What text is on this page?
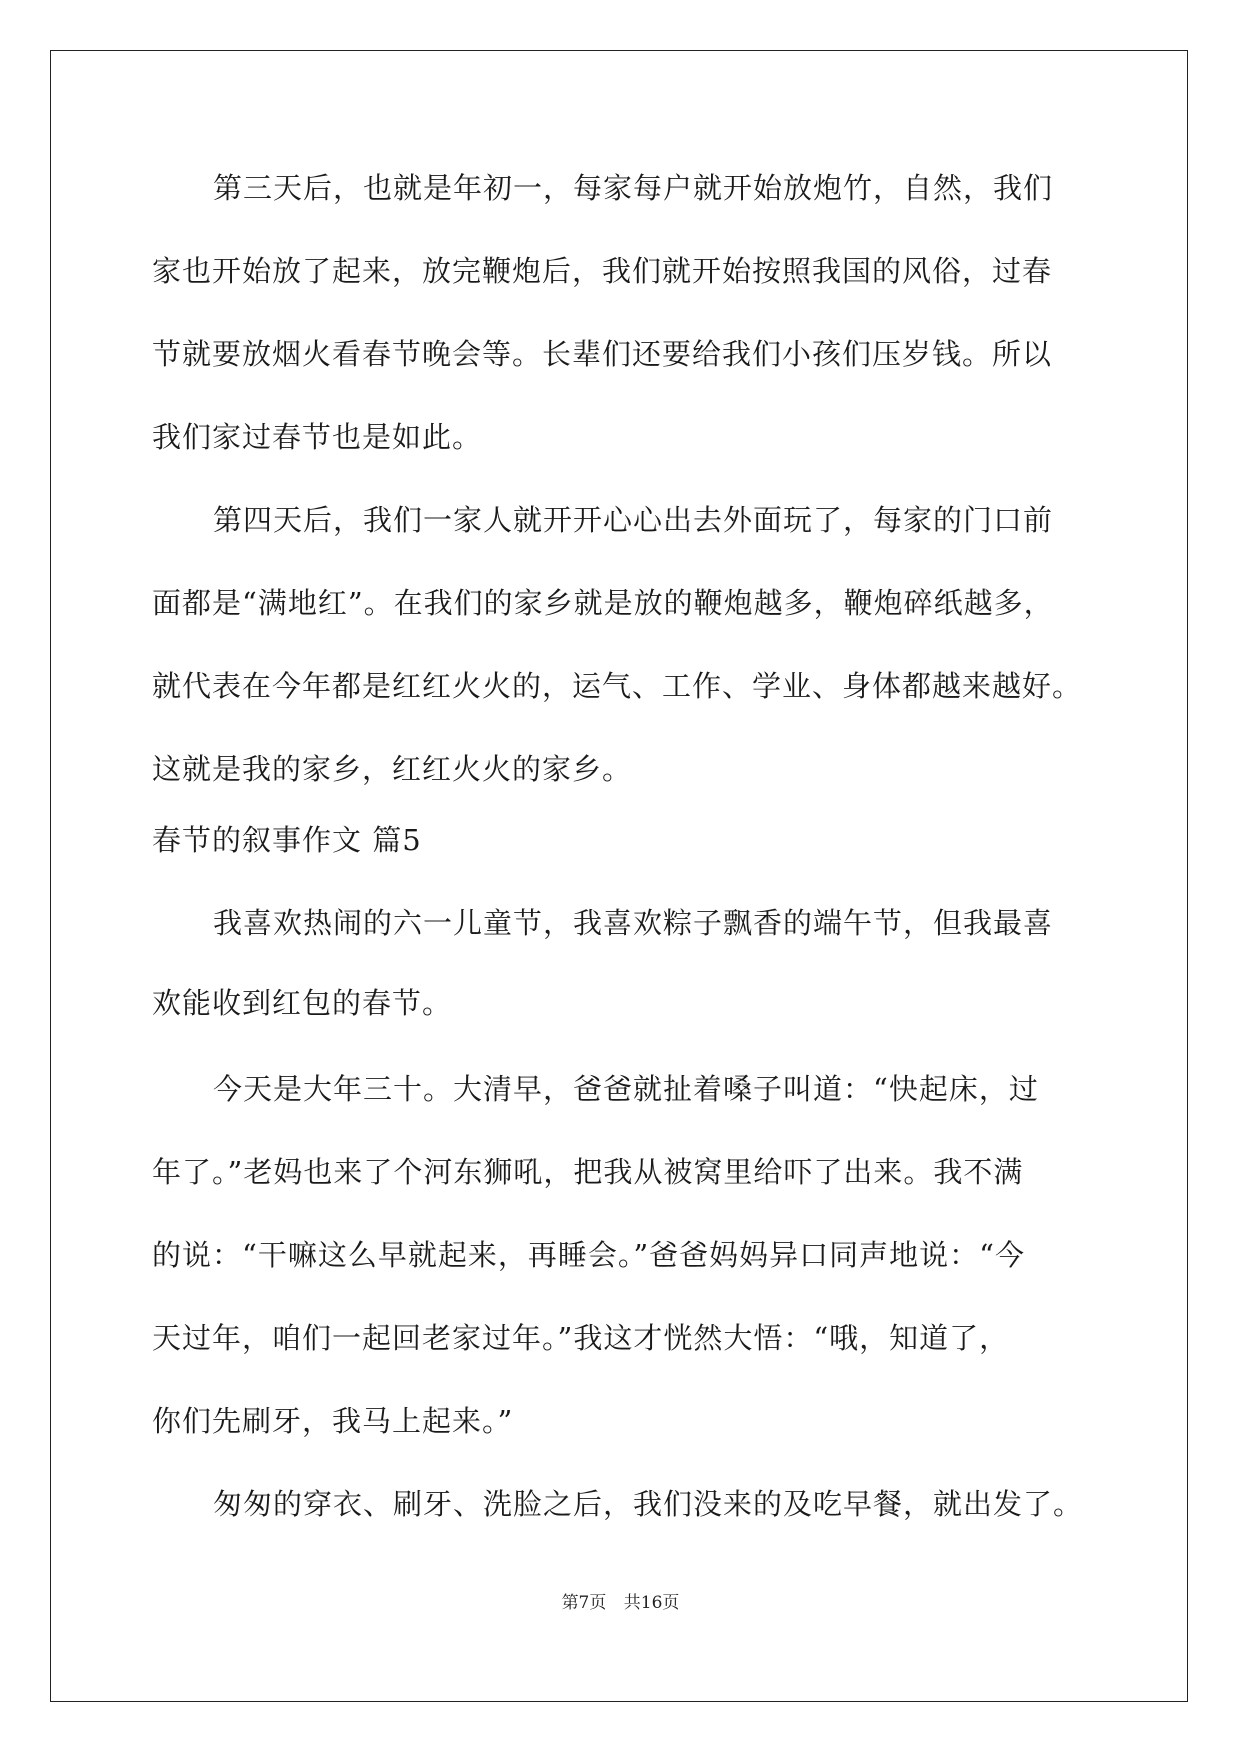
第三天后，也就是年初一，每家每户就开始放炮竹，自然，我们
家也开始放了起来，放完鞭炮后，我们就开始按照我国的风俗，过春
节就要放烟火看春节晚会等。长辈们还要给我们小孩们压岁钱。所以
我们家过春节也是如此。
第四天后，我们一家人就开开心心出去外面玩了，每家的门口前
面都是“满地红”。在我们的家乡就是放的鞭炮越多，鞭炮碎纸越多，
就代表在今年都是红红火火的，运气、工作、学业、身体都越来越好。
这就是我的家乡，红红火火的家乡。
春节的叙事作文 篇5
我喜欢热闹的六一儿童节，我喜欢粽子飘香的端午节，但我最喜
欢能收到红包的春节。
今天是大年三十。大清早，爸爸就扯着嗓子叫道：“快起床，过
年了。”老妈也来了个河东狮吼，把我从被窝里给吓了出来。我不满
的说：“干嘛这么早就起来，再睡会。”爸爸妈妈异口同声地说：“今
天过年，咱们一起回老家过年。”我这才恍然大悟：“哦，知道了，
你们先刷牙，我马上起来。”
匆匆的穿衣、刷牙、洗脸之后，我们没来的及吃早餐，就出发了。
第7页 共16页
